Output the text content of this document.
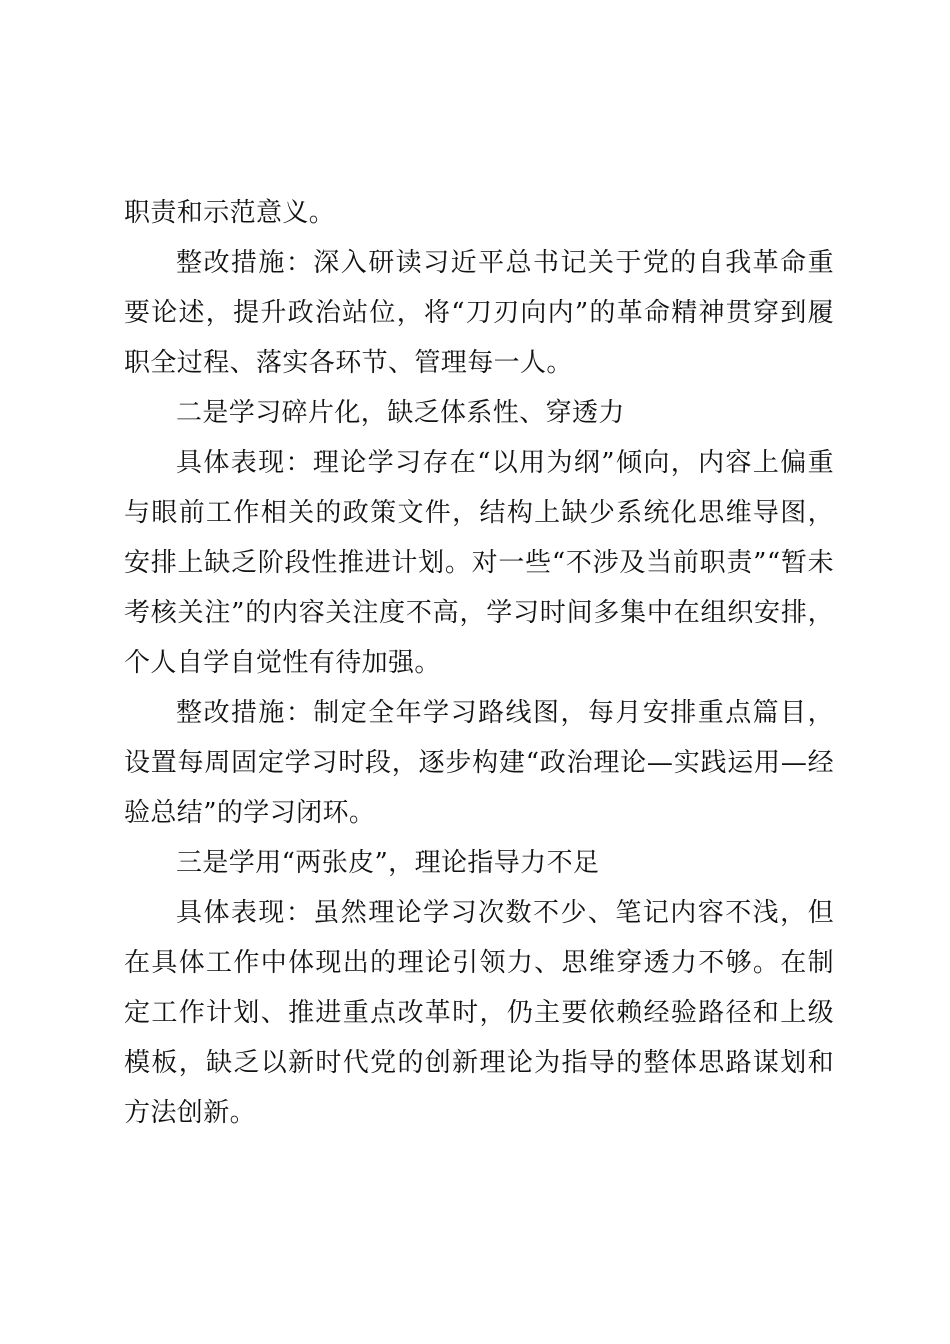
职责和示范意义。

整改措施：深入研读习近平总书记关于党的自我革命重要论述，提升政治站位，将“刀刃向内”的革命精神贯穿到履职全过程、落实各环节、管理每一人。

二是学习碎片化，缺乏体系性、穿透力

具体表现：理论学习存在“以用为纲”倾向，内容上偏重与眼前工作相关的政策文件，结构上缺少系统化思维导图，安排上缺乏阶段性推进计划。对一些“不涉及当前职责”“暂未考核关注”的内容关注度不高，学习时间多集中在组织安排，个人自学自觉性有待加强。

整改措施：制定全年学习路线图，每月安排重点篇目，设置每周固定学习时段，逐步构建“政治理论—实践运用—经验总结”的学习闭环。

三是学用“两张皮”，理论指导力不足

具体表现：虽然理论学习次数不少、笔记内容不浅，但在具体工作中体现出的理论引领力、思维穿透力不够。在制定工作计划、推进重点改革时，仍主要依赖经验路径和上级模板，缺乏以新时代党的创新理论为指导的整体思路谋划和方法创新。
